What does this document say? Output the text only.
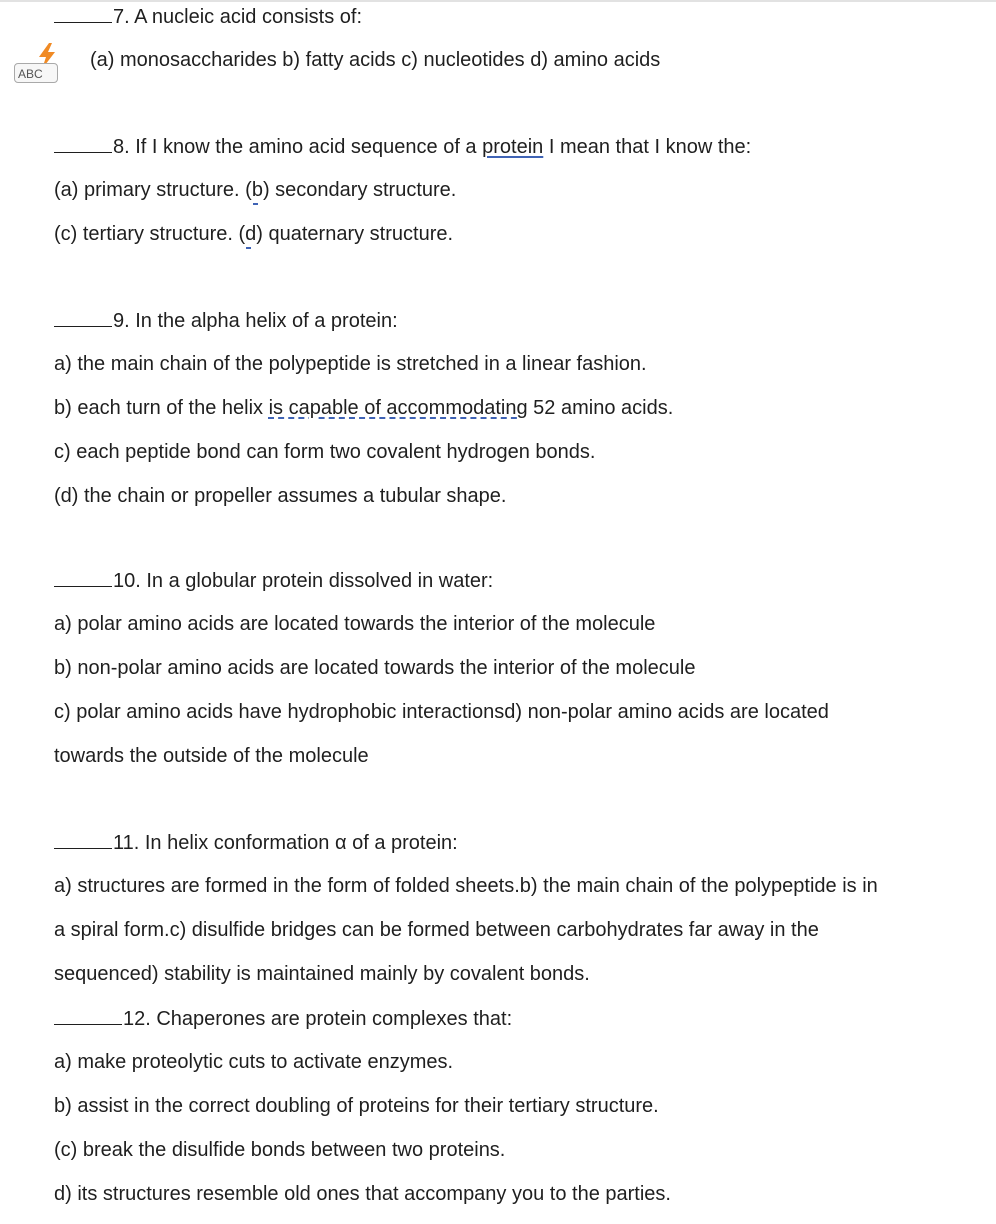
7. A nucleic acid consists of:
ABC
(a) monosaccharides b) fatty acids c) nucleotides d) amino acids
8. If I know the amino acid sequence of a protein I mean that I know the:
(a) primary structure. (b) secondary structure.
(c) tertiary structure. (d) quaternary structure.
9. In the alpha helix of a protein:
a) the main chain of the polypeptide is stretched in a linear fashion.
b) each turn of the helix is capable of accommodating 52 amino acids.
c) each peptide bond can form two covalent hydrogen bonds.
(d) the chain or propeller assumes a tubular shape.
10. In a globular protein dissolved in water:
a) polar amino acids are located towards the interior of the molecule
b) non-polar amino acids are located towards the interior of the molecule
c) polar amino acids have hydrophobic interactionsd) non-polar amino acids are located
towards the outside of the molecule
11. In helix conformation α of a protein:
a) structures are formed in the form of folded sheets.b) the main chain of the polypeptide is in
a spiral form.c) disulfide bridges can be formed between carbohydrates far away in the
sequenced) stability is maintained mainly by covalent bonds.
12. Chaperones are protein complexes that:
a) make proteolytic cuts to activate enzymes.
b) assist in the correct doubling of proteins for their tertiary structure.
(c) break the disulfide bonds between two proteins.
d) its structures resemble old ones that accompany you to the parties.
